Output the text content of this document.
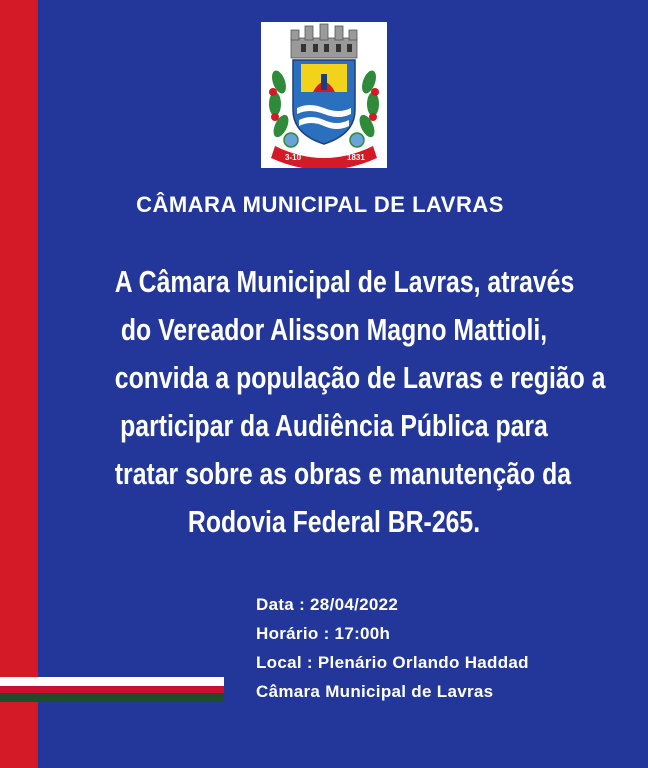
3-10 LAVRAS 1831
CÂMARA MUNICIPAL DE LAVRAS
A Câmara Municipal de Lavras, através
do Vereador Alisson Magno Mattioli,
convida a população de Lavras e região a
participar da Audiência Pública para
tratar sobre as obras e manutenção da
Rodovia Federal BR-265.
Data : 28/04/2022
Horário : 17:00h
Local : Plenário Orlando Haddad
Câmara Municipal de Lavras
